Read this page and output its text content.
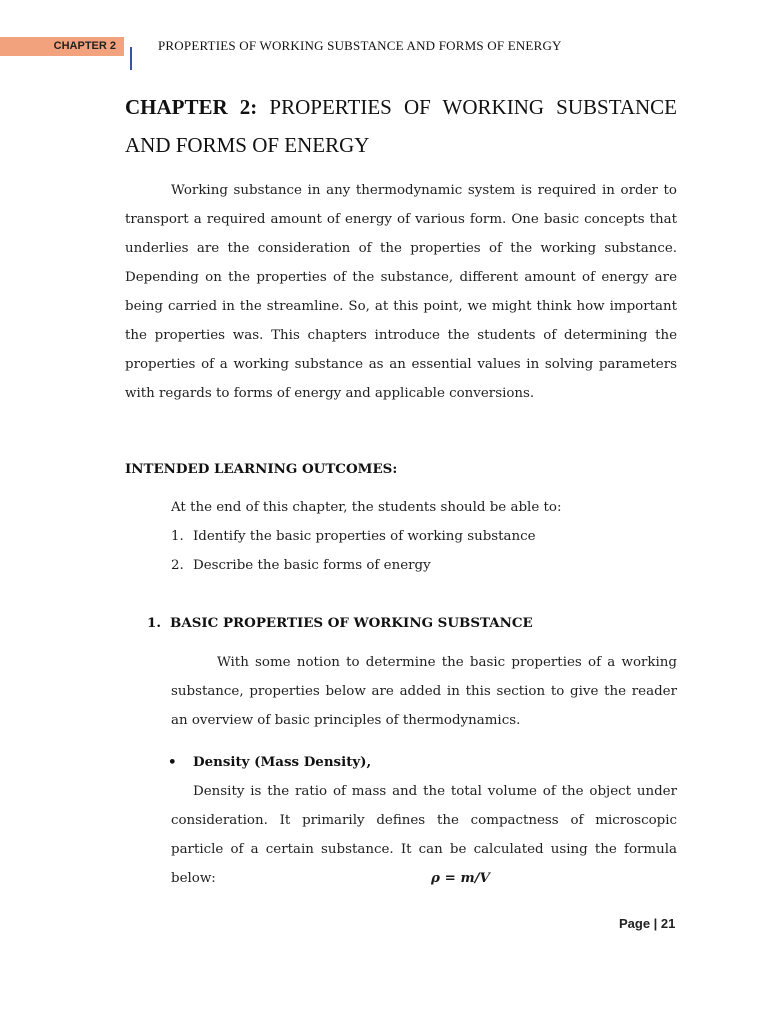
CHAPTER 2	PROPERTIES OF WORKING SUBSTANCE AND FORMS OF ENERGY
CHAPTER 2: PROPERTIES OF WORKING SUBSTANCE AND FORMS OF ENERGY
Working substance in any thermodynamic system is required in order to transport a required amount of energy of various form. One basic concepts that underlies are the consideration of the properties of the working substance. Depending on the properties of the substance, different amount of energy are being carried in the streamline. So, at this point, we might think how important the properties was. This chapters introduce the students of determining the properties of a working substance as an essential values in solving parameters with regards to forms of energy and applicable conversions.
INTENDED LEARNING OUTCOMES:
At the end of this chapter, the students should be able to:
1. Identify the basic properties of working substance
2. Describe the basic forms of energy
1. BASIC PROPERTIES OF WORKING SUBSTANCE
With some notion to determine the basic properties of a working substance, properties below are added in this section to give the reader an overview of basic principles of thermodynamics.
• Density (Mass Density),
Density is the ratio of mass and the total volume of the object under consideration. It primarily defines the compactness of microscopic particle of a certain substance. It can be calculated using the formula below:	ρ = m/V
Page | 21
